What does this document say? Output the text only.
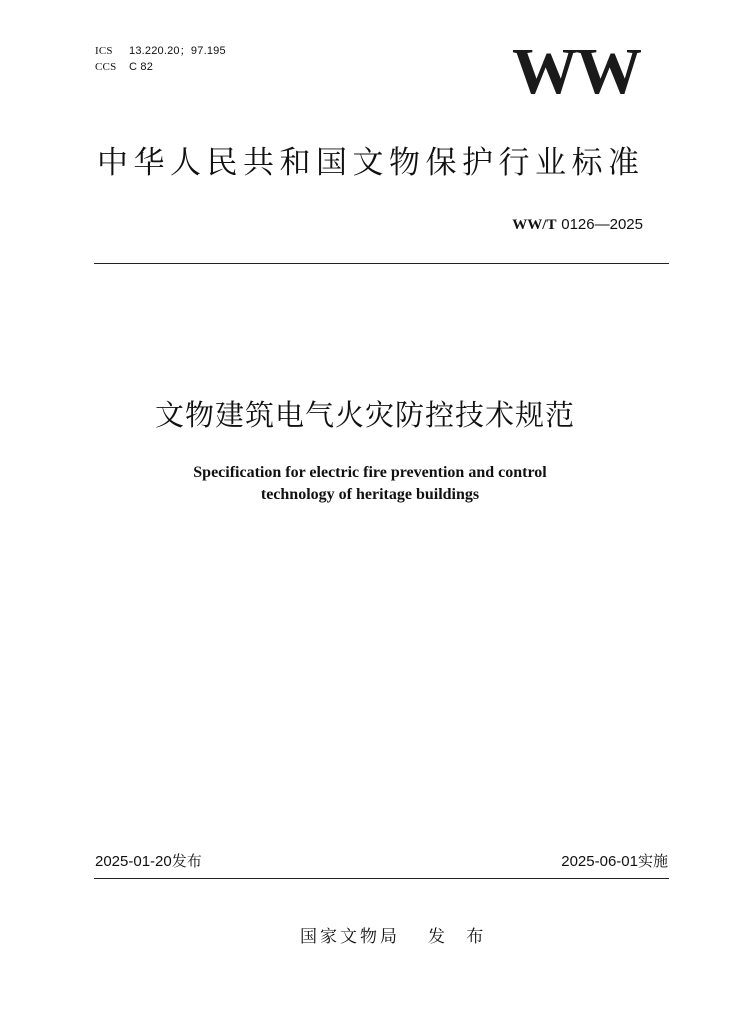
ICS 13.220.20；97.195
CCS C 82	WW
中华人民共和国文物保护行业标准
WW/T 0126—2025
文物建筑电气火灾防控技术规范
Specification for electric fire prevention and control
technology of heritage buildings
2025-01-20发布	2025-06-01实施
国家文物局 发 布
